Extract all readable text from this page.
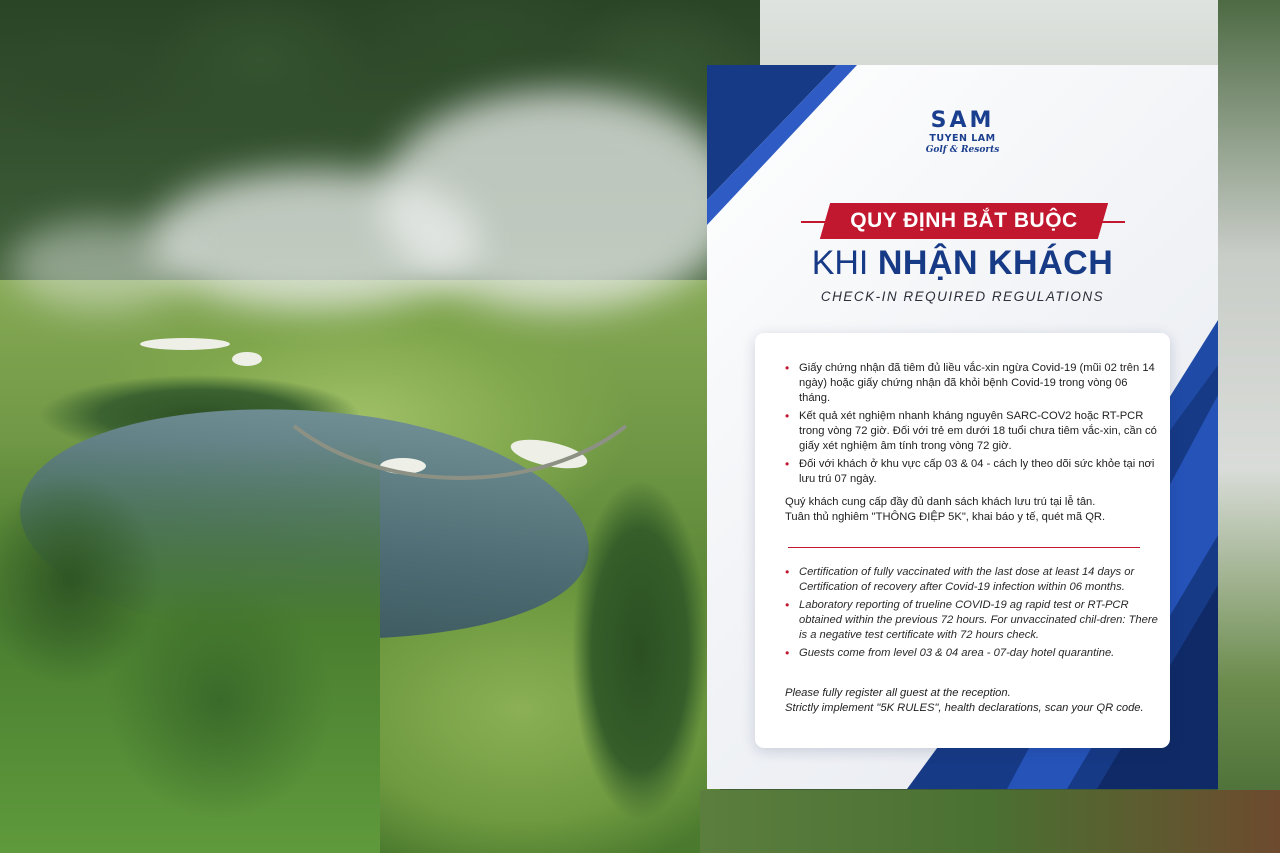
SAM
TUYEN LAM
Golf & Resorts
QUY ĐỊNH BẮT BUỘC
KHI NHẬN KHÁCH
CHECK-IN REQUIRED REGULATIONS
• Giấy chứng nhận đã tiêm đủ liều vắc-xin ngừa Covid-19 (mũi 02 trên 14 ngày) hoặc giấy chứng nhận đã khỏi bệnh Covid-19 trong vòng 06 tháng.
• Kết quả xét nghiệm nhanh kháng nguyên SARC-COV2 hoặc RT-PCR trong vòng 72 giờ. Đối với trẻ em dưới 18 tuổi chưa tiêm vắc-xin, cần có giấy xét nghiệm âm tính trong vòng 72 giờ.
• Đối với khách ở khu vực cấp 03 & 04 - cách ly theo dõi sức khỏe tại nơi lưu trú 07 ngày.
Quý khách cung cấp đầy đủ danh sách khách lưu trú tại lễ tân.
Tuân thủ nghiêm "THÔNG ĐIỆP 5K", khai báo y tế, quét mã QR.
• Certification of fully vaccinated with the last dose at least 14 days or Certification of recovery after Covid-19 infection within 06 months.
• Laboratory reporting of trueline COVID-19 ag rapid test or RT-PCR obtained within the previous 72 hours. For unvaccinated chil-dren: There is a negative test certificate with 72 hours check.
• Guests come from level 03 & 04 area - 07-day hotel quarantine.
Please fully register all guest at the reception.
Strictly implement "5K RULES", health declarations, scan your QR code.
